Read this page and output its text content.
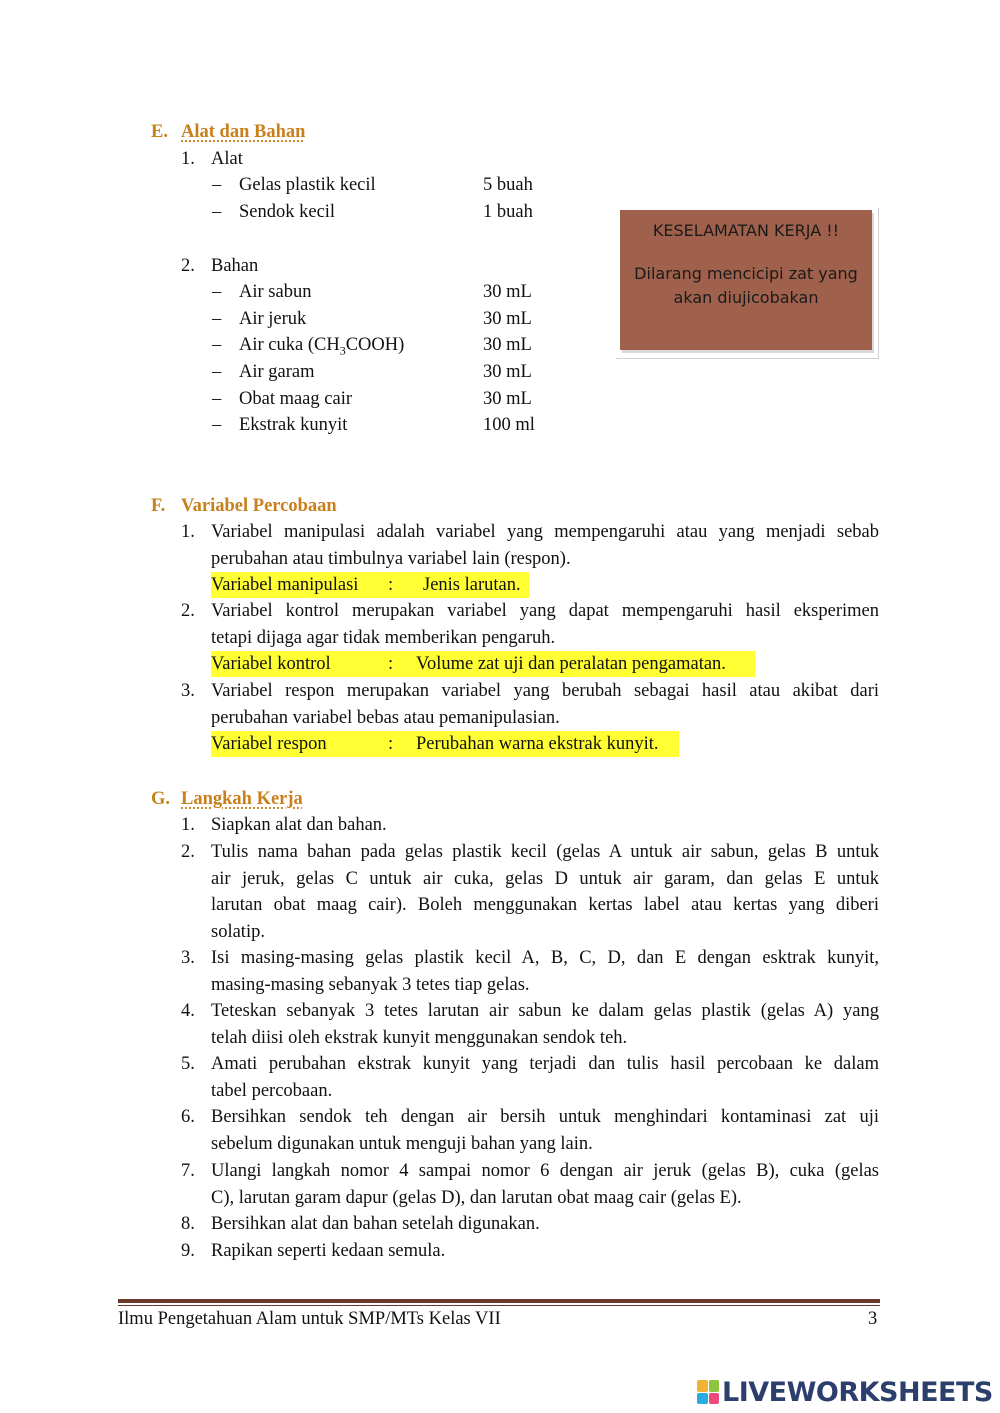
E. Alat dan Bahan
1. Alat
– Gelas plastik kecil	5 buah
– Sendok kecil	1 buah
2. Bahan
– Air sabun	30 mL
– Air jeruk	30 mL
– Air cuka $(CH_3COOH)$	30 mL
– Air garam	30 mL
– Obat maag cair	30 mL
– Ekstrak kunyit	100 ml
KESELAMATAN KERJA !!
Dilarang mencicipi zat yang akan diujicobakan
F. Variabel Percobaan
1. Variabel manipulasi adalah variabel yang mempengaruhi atau yang menjadi sebab
perubahan atau timbulnya variabel lain (respon).
Variabel manipulasi : Jenis larutan.
2. Variabel kontrol merupakan variabel yang dapat mempengaruhi hasil eksperimen
tetapi dijaga agar tidak memberikan pengaruh.
Variabel kontrol	: Volume zat uji dan peralatan pengamatan.
3. Variabel respon merupakan variabel yang berubah sebagai hasil atau akibat dari
perubahan variabel bebas atau pemanipulasian.
Variabel respon	: Perubahan warna ekstrak kunyit.
G. Langkah Kerja
1. Siapkan alat dan bahan.
2. Tulis nama bahan pada gelas plastik kecil (gelas A untuk air sabun, gelas B untuk
air jeruk, gelas C untuk air cuka, gelas D untuk air garam, dan gelas E untuk
larutan obat maag cair). Boleh menggunakan kertas label atau kertas yang diberi
solatip.
3. Isi masing-masing gelas plastik kecil A, B, C, D, dan E dengan esktrak kunyit,
masing-masing sebanyak 3 tetes tiap gelas.
4. Teteskan sebanyak 3 tetes larutan air sabun ke dalam gelas plastik (gelas A) yang
telah diisi oleh ekstrak kunyit menggunakan sendok teh.
5. Amati perubahan ekstrak kunyit yang terjadi dan tulis hasil percobaan ke dalam
tabel percobaan.
6. Bersihkan sendok teh dengan air bersih untuk menghindari kontaminasi zat uji
sebelum digunakan untuk menguji bahan yang lain.
7. Ulangi langkah nomor 4 sampai nomor 6 dengan air jeruk (gelas B), cuka (gelas
C), larutan garam dapur (gelas D), dan larutan obat maag cair (gelas E).
8. Bersihkan alat dan bahan setelah digunakan.
9. Rapikan seperti kedaan semula.
Ilmu Pengetahuan Alam untuk SMP/MTs Kelas VII	3
LIVEWORKSHEETS
